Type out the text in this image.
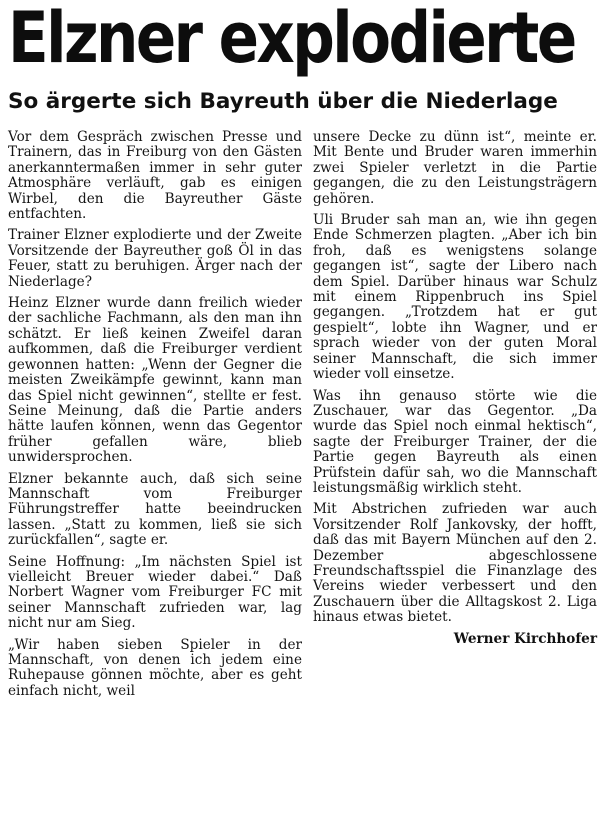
Elzner explodierte
So ärgerte sich Bayreuth über die Niederlage

Vor dem Gespräch zwischen Presse und Trainern, das in Freiburg von den Gästen anerkanntermaßen immer in sehr guter Atmosphäre verläuft, gab es einigen Wirbel, den die Bayreuther Gäste entfachten.

Trainer Elzner explodierte und der Zweite Vorsitzende der Bayreuther goß Öl in das Feuer, statt zu beruhigen. Ärger nach der Niederlage?

Heinz Elzner wurde dann freilich wieder der sachliche Fachmann, als den man ihn schätzt. Er ließ keinen Zweifel daran aufkommen, daß die Freiburger verdient gewonnen hatten: „Wenn der Gegner die meisten Zweikämpfe gewinnt, kann man das Spiel nicht gewinnen“, stellte er fest. Seine Meinung, daß die Partie anders hätte laufen können, wenn das Gegentor früher gefallen wäre, blieb unwidersprochen.

Elzner bekannte auch, daß sich seine Mannschaft vom Freiburger Führungstreffer hatte beeindrucken lassen. „Statt zu kommen, ließ sie sich zurückfallen“, sagte er.

Seine Hoffnung: „Im nächsten Spiel ist vielleicht Breuer wieder dabei.“ Daß Norbert Wagner vom Freiburger FC mit seiner Mannschaft zufrieden war, lag nicht nur am Sieg.

„Wir haben sieben Spieler in der Mannschaft, von denen ich jedem eine Ruhepause gönnen möchte, aber es geht einfach nicht, weil

unsere Decke zu dünn ist“, meinte er. Mit Bente und Bruder waren immerhin zwei Spieler verletzt in die Partie gegangen, die zu den Leistungsträgern gehören.

Uli Bruder sah man an, wie ihn gegen Ende Schmerzen plagten. „Aber ich bin froh, daß es wenigstens solange gegangen ist“, sagte der Libero nach dem Spiel. Darüber hinaus war Schulz mit einem Rippenbruch ins Spiel gegangen. „Trotzdem hat er gut gespielt“, lobte ihn Wagner, und er sprach wieder von der guten Moral seiner Mannschaft, die sich immer wieder voll einsetze.

Was ihn genauso störte wie die Zuschauer, war das Gegentor. „Da wurde das Spiel noch einmal hektisch“, sagte der Freiburger Trainer, der die Partie gegen Bayreuth als einen Prüfstein dafür sah, wo die Mannschaft leistungsmäßig wirklich steht.

Mit Abstrichen zufrieden war auch Vorsitzender Rolf Jankovsky, der hofft, daß das mit Bayern München auf den 2. Dezember abgeschlossene Freundschaftsspiel die Finanzlage des Vereins wieder verbessert und den Zuschauern über die Alltagskost 2. Liga hinaus etwas bietet.

Werner Kirchhofer
